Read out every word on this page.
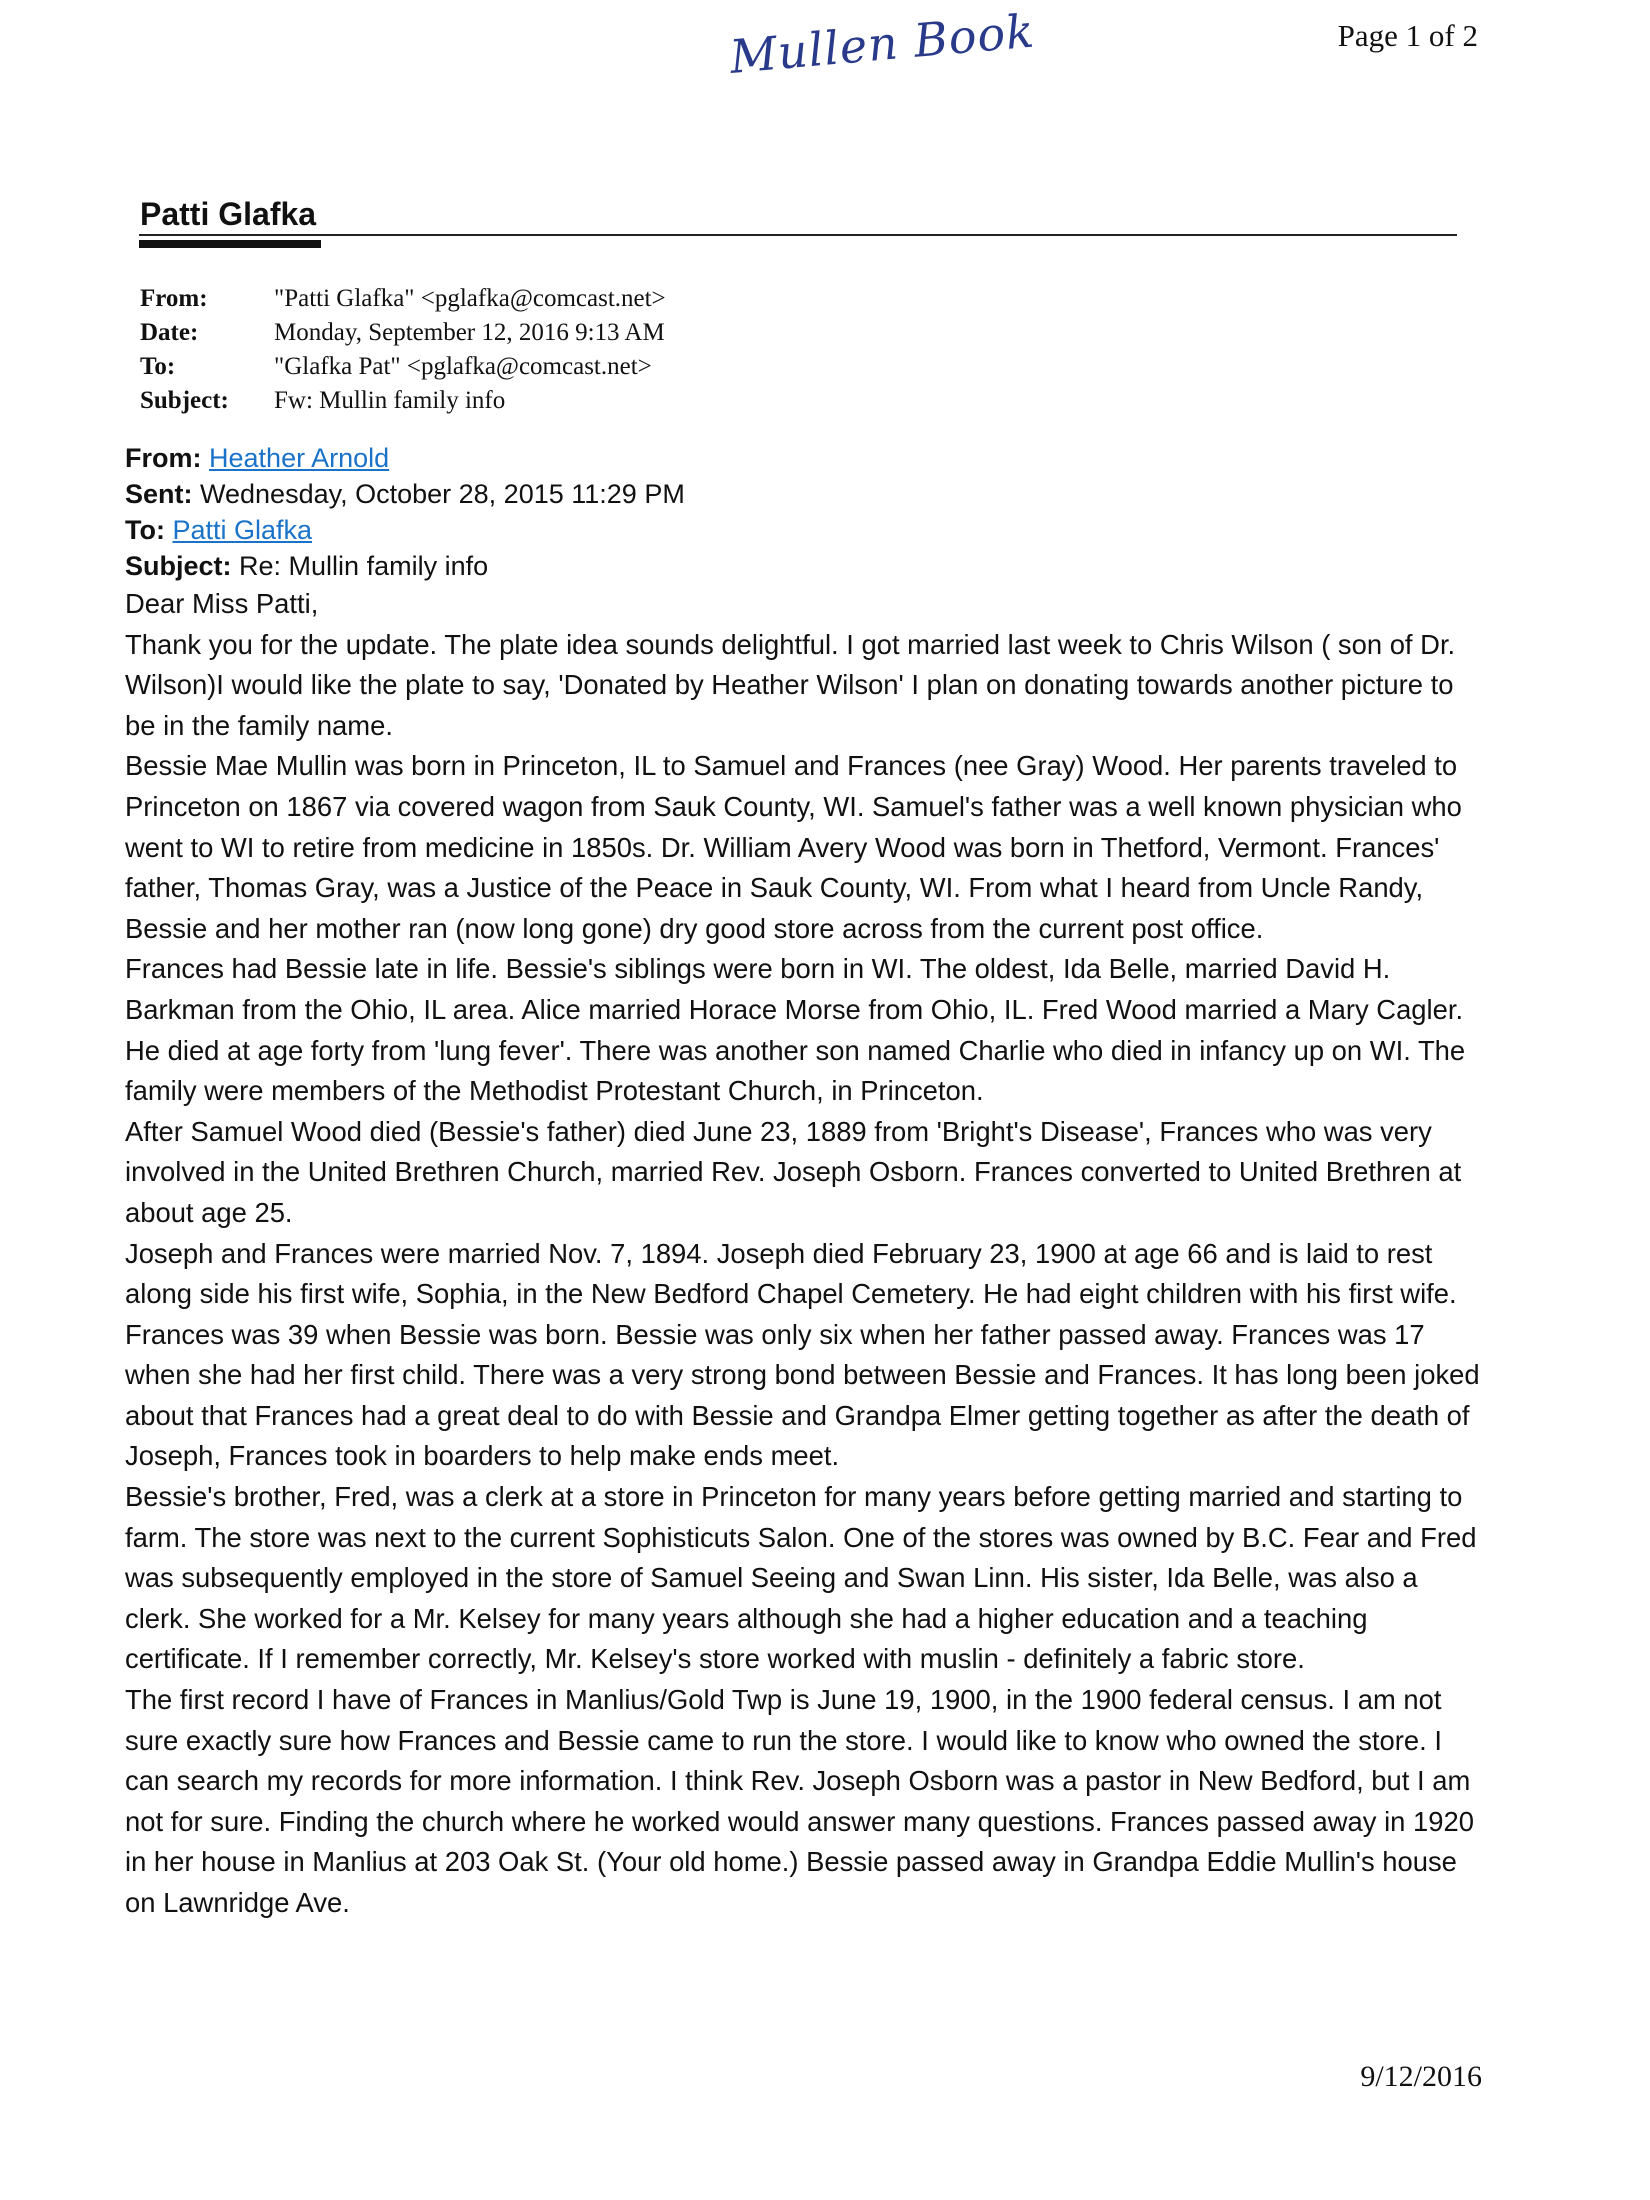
Page 1 of 2
Mullen Book
Patti Glafka
From:	"Patti Glafka" <pglafka@comcast.net>
Date:	Monday, September 12, 2016 9:13 AM
To:	"Glafka Pat" <pglafka@comcast.net>
Subject:	Fw: Mullin family info
From: Heather Arnold
Sent: Wednesday, October 28, 2015 11:29 PM
To: Patti Glafka
Subject: Re: Mullin family info

Dear Miss Patti,

Thank you for the update. The plate idea sounds delightful. I got married last week to Chris Wilson ( son of Dr. Wilson)I would like the plate to say, 'Donated by Heather Wilson' I plan on donating towards another picture to be in the family name.

Bessie Mae Mullin was born in Princeton, IL to Samuel and Frances (nee Gray) Wood. Her parents traveled to Princeton on 1867 via covered wagon from Sauk County, WI. Samuel's father was a well known physician who went to WI to retire from medicine in 1850s. Dr. William Avery Wood was born in Thetford, Vermont. Frances' father, Thomas Gray, was a Justice of the Peace in Sauk County, WI. From what I heard from Uncle Randy, Bessie and her mother ran (now long gone) dry good store across from the current post office.

Frances had Bessie late in life. Bessie's siblings were born in WI. The oldest, Ida Belle, married David H. Barkman from the Ohio, IL area. Alice married Horace Morse from Ohio, IL. Fred Wood married a Mary Cagler. He died at age forty from 'lung fever'. There was another son named Charlie who died in infancy up on WI. The family were members of the Methodist Protestant Church, in Princeton.

After Samuel Wood died (Bessie's father) died June 23, 1889 from 'Bright's Disease', Frances who was very involved in the United Brethren Church, married Rev. Joseph Osborn. Frances converted to United Brethren at about age 25.

Joseph and Frances were married Nov. 7, 1894. Joseph died February 23, 1900 at age 66 and is laid to rest along side his first wife, Sophia, in the New Bedford Chapel Cemetery. He had eight children with his first wife.

Frances was 39 when Bessie was born. Bessie was only six when her father passed away. Frances was 17 when she had her first child. There was a very strong bond between Bessie and Frances. It has long been joked about that Frances had a great deal to do with Bessie and Grandpa Elmer getting together as after the death of Joseph, Frances took in boarders to help make ends meet.

Bessie's brother, Fred, was a clerk at a store in Princeton for many years before getting married and starting to farm. The store was next to the current Sophisticuts Salon. One of the stores was owned by B.C. Fear and Fred was subsequently employed in the store of Samuel Seeing and Swan Linn. His sister, Ida Belle, was also a clerk. She worked for a Mr. Kelsey for many years although she had a higher education and a teaching certificate. If I remember correctly, Mr. Kelsey's store worked with muslin - definitely a fabric store.

The first record I have of Frances in Manlius/Gold Twp is June 19, 1900, in the 1900 federal census. I am not sure exactly sure how Frances and Bessie came to run the store. I would like to know who owned the store. I can search my records for more information. I think Rev. Joseph Osborn was a pastor in New Bedford, but I am not for sure. Finding the church where he worked would answer many questions. Frances passed away in 1920 in her house in Manlius at 203 Oak St. (Your old home.) Bessie passed away in Grandpa Eddie Mullin's house on Lawnridge Ave.

9/12/2016
